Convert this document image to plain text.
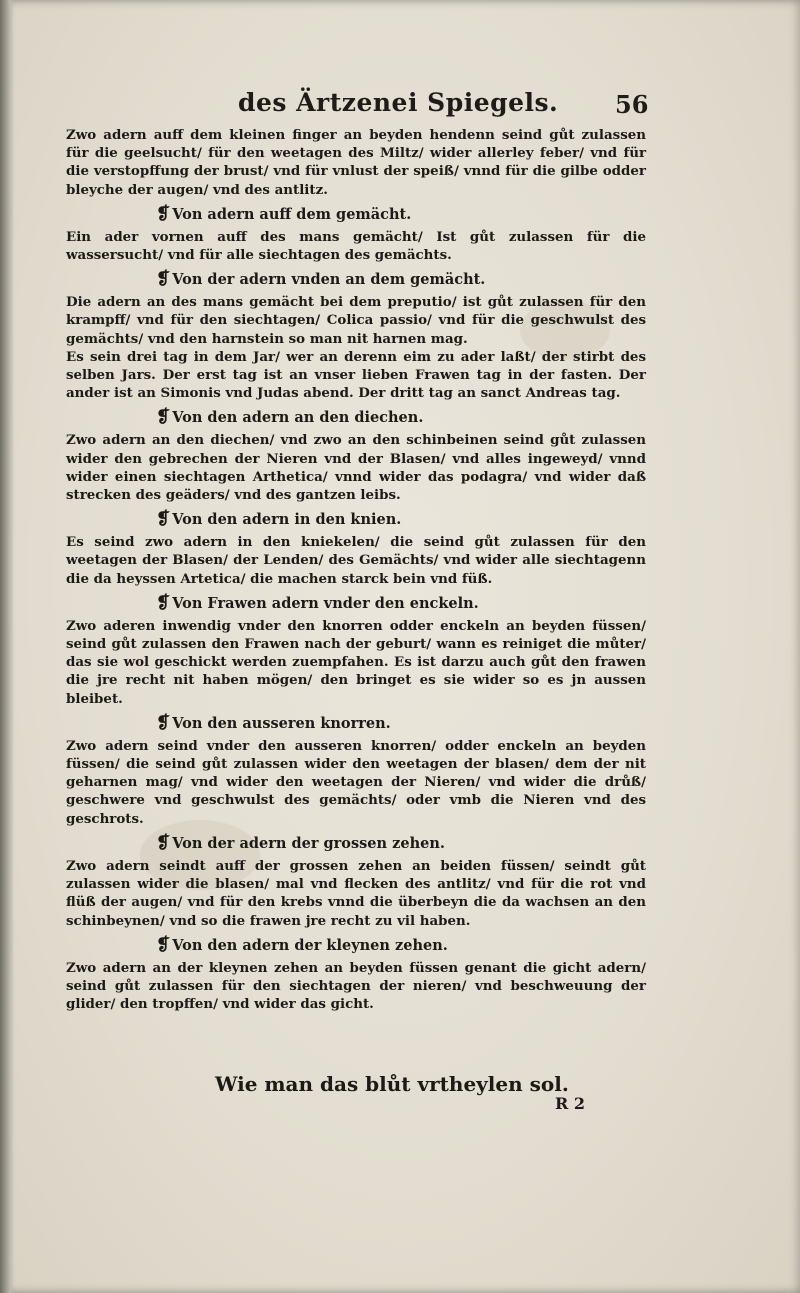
des Ärtzenei Spiegels. 56

Zwo adern auff dem kleinen finger an beyden hendenn seind gůt zulassen für die geelsucht/ für den weetagen des Miltz/ wider allerley feber/ vnd für die verstopffung der brust/ vnd für vnlust der speiß/ vnnd für die gilbe odder bleyche der augen/ vnd des antlitz.

❡ Von adern auff dem gemächt.

Ein ader vornen auff des mans gemächt/ Ist gůt zulassen für die wassersucht/ vnd für alle siechtagen des gemächts.

❡ Von der adern vnden an dem gemächt.

Die adern an des mans gemächt bei dem preputio/ ist gůt zulassen für den krampff/ vnd für den siechtagen/ Colica passio/ vnd für die geschwulst des gemächts/ vnd den harnstein so man nit harnen mag.

Es sein drei tag in dem Jar/ wer an derenn eim zu ader laßt/ der stirbt des selben Jars. Der erst tag ist an vnser lieben Frawen tag in der fasten. Der ander ist an Simonis vnd Judas abend. Der dritt tag an sanct Andreas tag.

❡ Von den adern an den diechen.

Zwo adern an den diechen/ vnd zwo an den schinbeinen seind gůt zulassen wider den gebrechen der Nieren vnd der Blasen/ vnd alles ingeweyd/ vnnd wider einen siechtagen Arthetica/ vnnd wider das podagra/ vnd wider daß strecken des geäders/ vnd des gantzen leibs.

❡ Von den adern in den knien.

Es seind zwo adern in den kniekelen/ die seind gůt zulassen für den weetagen der Blasen/ der Lenden/ des Gemächts/ vnd wider alle siechtagenn die da heyssen Artetica/ die machen starck bein vnd füß.

❡ Von Frawen adern vnder den enckeln.

Zwo aderen inwendig vnder den knorren odder enckeln an beyden füssen/ seind gůt zulassen den Frawen nach der geburt/ wann es reiniget die můter/ das sie wol geschickt werden zuempfahen. Es ist darzu auch gůt den frawen die jre recht nit haben mögen/ den bringet es sie wider so es jn aussen bleibet.

❡ Von den ausseren knorren.

Zwo adern seind vnder den ausseren knorren/ odder enckeln an beyden füssen/ die seind gůt zulassen wider den weetagen der blasen/ dem der nit geharnen mag/ vnd wider den weetagen der Nieren/ vnd wider die drůß/ geschwere vnd geschwulst des gemächts/ oder vmb die Nieren vnd des geschrots.

❡ Von der adern der grossen zehen.

Zwo adern seindt auff der grossen zehen an beiden füssen/ seindt gůt zulassen wider die blasen/ mal vnd flecken des antlitz/ vnd für die rot vnd flüß der augen/ vnd für den krebs vnnd die überbeyn die da wachsen an den schinbeynen/ vnd so die frawen jre recht zu vil haben.

❡ Von den adern der kleynen zehen.

Zwo adern an der kleynen zehen an beyden füssen genant die gicht adern/ seind gůt zulassen für den siechtagen der nieren/ vnd beschweuung der glider/ den tropffen/ vnd wider das gicht.

Wie man das blůt vrtheylen sol.
R 2
